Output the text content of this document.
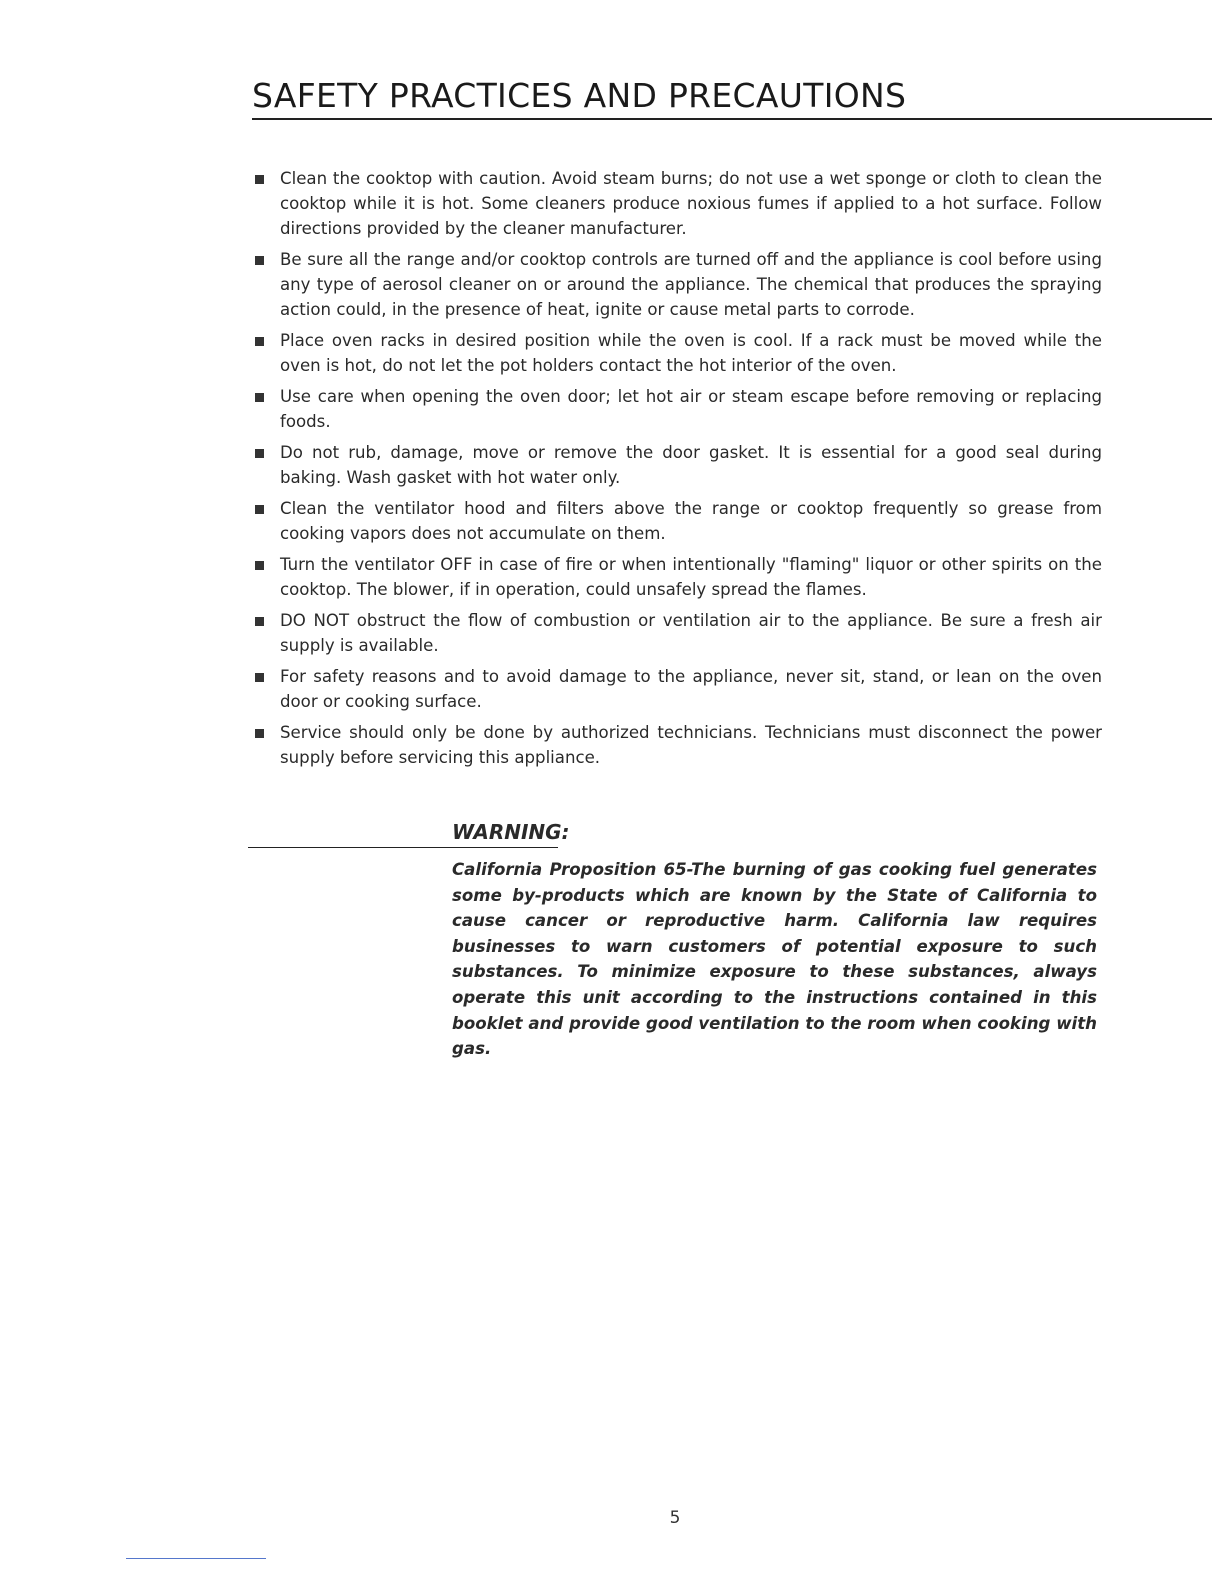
SAFETY PRACTICES AND PRECAUTIONS
Clean the cooktop with caution. Avoid steam burns; do not use a wet sponge or cloth to clean the cooktop while it is hot. Some cleaners produce noxious fumes if applied to a hot surface. Follow directions provided by the cleaner manufacturer.
Be sure all the range and/or cooktop controls are turned off and the appliance is cool before using any type of aerosol cleaner on or around the appliance. The chemical that produces the spraying action could, in the presence of heat, ignite or cause metal parts to corrode.
Place oven racks in desired position while the oven is cool. If a rack must be moved while the oven is hot, do not let the pot holders contact the hot interior of the oven.
Use care when opening the oven door; let hot air or steam escape before removing or replacing foods.
Do not rub, damage, move or remove the door gasket. It is essential for a good seal during baking. Wash gasket with hot water only.
Clean the ventilator hood and filters above the range or cooktop frequently so grease from cooking vapors does not accumulate on them.
Turn the ventilator OFF in case of fire or when intentionally "flaming" liquor or other spirits on the cooktop. The blower, if in operation, could unsafely spread the flames.
DO NOT obstruct the flow of combustion or ventilation air to the appliance. Be sure a fresh air supply is available.
For safety reasons and to avoid damage to the appliance, never sit, stand, or lean on the oven door or cooking surface.
Service should only be done by authorized technicians. Technicians must disconnect the power supply before servicing this appliance.
WARNING:

California Proposition 65-The burning of gas cooking fuel generates some by-products which are known by the State of California to cause cancer or reproductive harm. California law requires businesses to warn customers of potential exposure to such substances. To minimize exposure to these substances, always operate this unit according to the instructions contained in this booklet and provide good ventilation to the room when cooking with gas.

5
